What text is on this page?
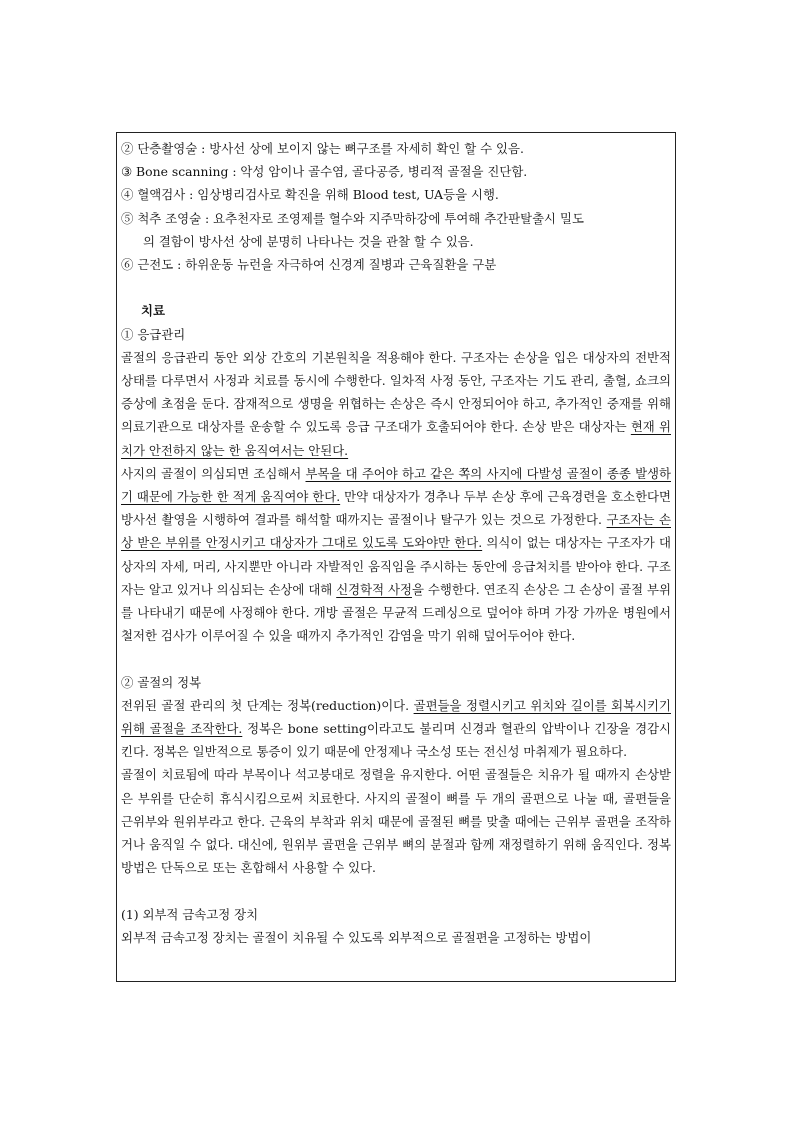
② 단층촬영술 : 방사선 상에 보이지 않는 뼈구조를 자세히 확인 할 수 있음.

③ Bone scanning : 악성 암이나 골수염, 골다공증, 병리적 골절을 진단함.

④ 혈액검사 : 임상병리검사로 확진을 위해 Blood test, UA등을 시행.

⑤ 척추 조영술 : 요추천자로 조영제를 혈수와 지주막하강에 투여해 추간판탈출시 밀도

의 결함이 방사선 상에 분명히 나타나는 것을 관찰 할 수 있음.

⑥ 근전도 : 하위운동 뉴런을 자극하여 신경계 질병과 근육질환을 구분

치료

① 응급관리

골절의 응급관리 동안 외상 간호의 기본원칙을 적용해야 한다. 구조자는 손상을 입은 대상자의 전반적 상태를 다루면서 사정과 치료를 동시에 수행한다. 일차적 사정 동안, 구조자는 기도 관리, 출혈, 쇼크의 증상에 초점을 둔다. 잠재적으로 생명을 위협하는 손상은 즉시 안정되어야 하고, 추가적인 중재를 위해 의료기관으로 대상자를 운송할 수 있도록 응급 구조대가 호출되어야 한다. 손상 받은 대상자는 현재 위치가 안전하지 않는 한 움직여서는 안된다.

사지의 골절이 의심되면 조심해서 부목을 대 주어야 하고 같은 쪽의 사지에 다발성 골절이 종종 발생하기 때문에 가능한 한 적게 움직여야 한다. 만약 대상자가 경추나 두부 손상 후에 근육경련을 호소한다면 방사선 촬영을 시행하여 결과를 해석할 때까지는 골절이나 탈구가 있는 것으로 가정한다. 구조자는 손상 받은 부위를 안정시키고 대상자가 그대로 있도록 도와야만 한다. 의식이 없는 대상자는 구조자가 대상자의 자세, 머리, 사지뿐만 아니라 자발적인 움직임을 주시하는 동안에 응급처치를 받아야 한다. 구조자는 알고 있거나 의심되는 손상에 대해 신경학적 사정을 수행한다. 연조직 손상은 그 손상이 골절 부위를 나타내기 때문에 사정해야 한다. 개방 골절은 무균적 드레싱으로 덮어야 하며 가장 가까운 병원에서 철저한 검사가 이루어질 수 있을 때까지 추가적인 감염을 막기 위해 덮어두어야 한다.

② 골절의 정복

전위된 골절 관리의 첫 단계는 정복(reduction)이다. 골편들을 정렬시키고 위치와 길이를 회복시키기 위해 골절을 조작한다. 정복은 bone setting이라고도 불리며 신경과 혈관의 압박이나 긴장을 경감시킨다. 정복은 일반적으로 통증이 있기 때문에 안정제나 국소성 또는 전신성 마취제가 필요하다.

골절이 치료됨에 따라 부목이나 석고붕대로 정렬을 유지한다. 어떤 골절들은 치유가 될 때까지 손상받은 부위를 단순히 휴식시킴으로써 치료한다. 사지의 골절이 뼈를 두 개의 골편으로 나눌 때, 골편들을 근위부와 원위부라고 한다. 근육의 부착과 위치 때문에 골절된 뼈를 맞출 때에는 근위부 골편을 조작하거나 움직일 수 없다. 대신에, 원위부 골편을 근위부 뼈의 분절과 함께 재정렬하기 위해 움직인다. 정복 방법은 단독으로 또는 혼합해서 사용할 수 있다.

(1) 외부적 금속고정 장치

외부적 금속고정 장치는 골절이 치유될 수 있도록 외부적으로 골절편을 고정하는 방법이
